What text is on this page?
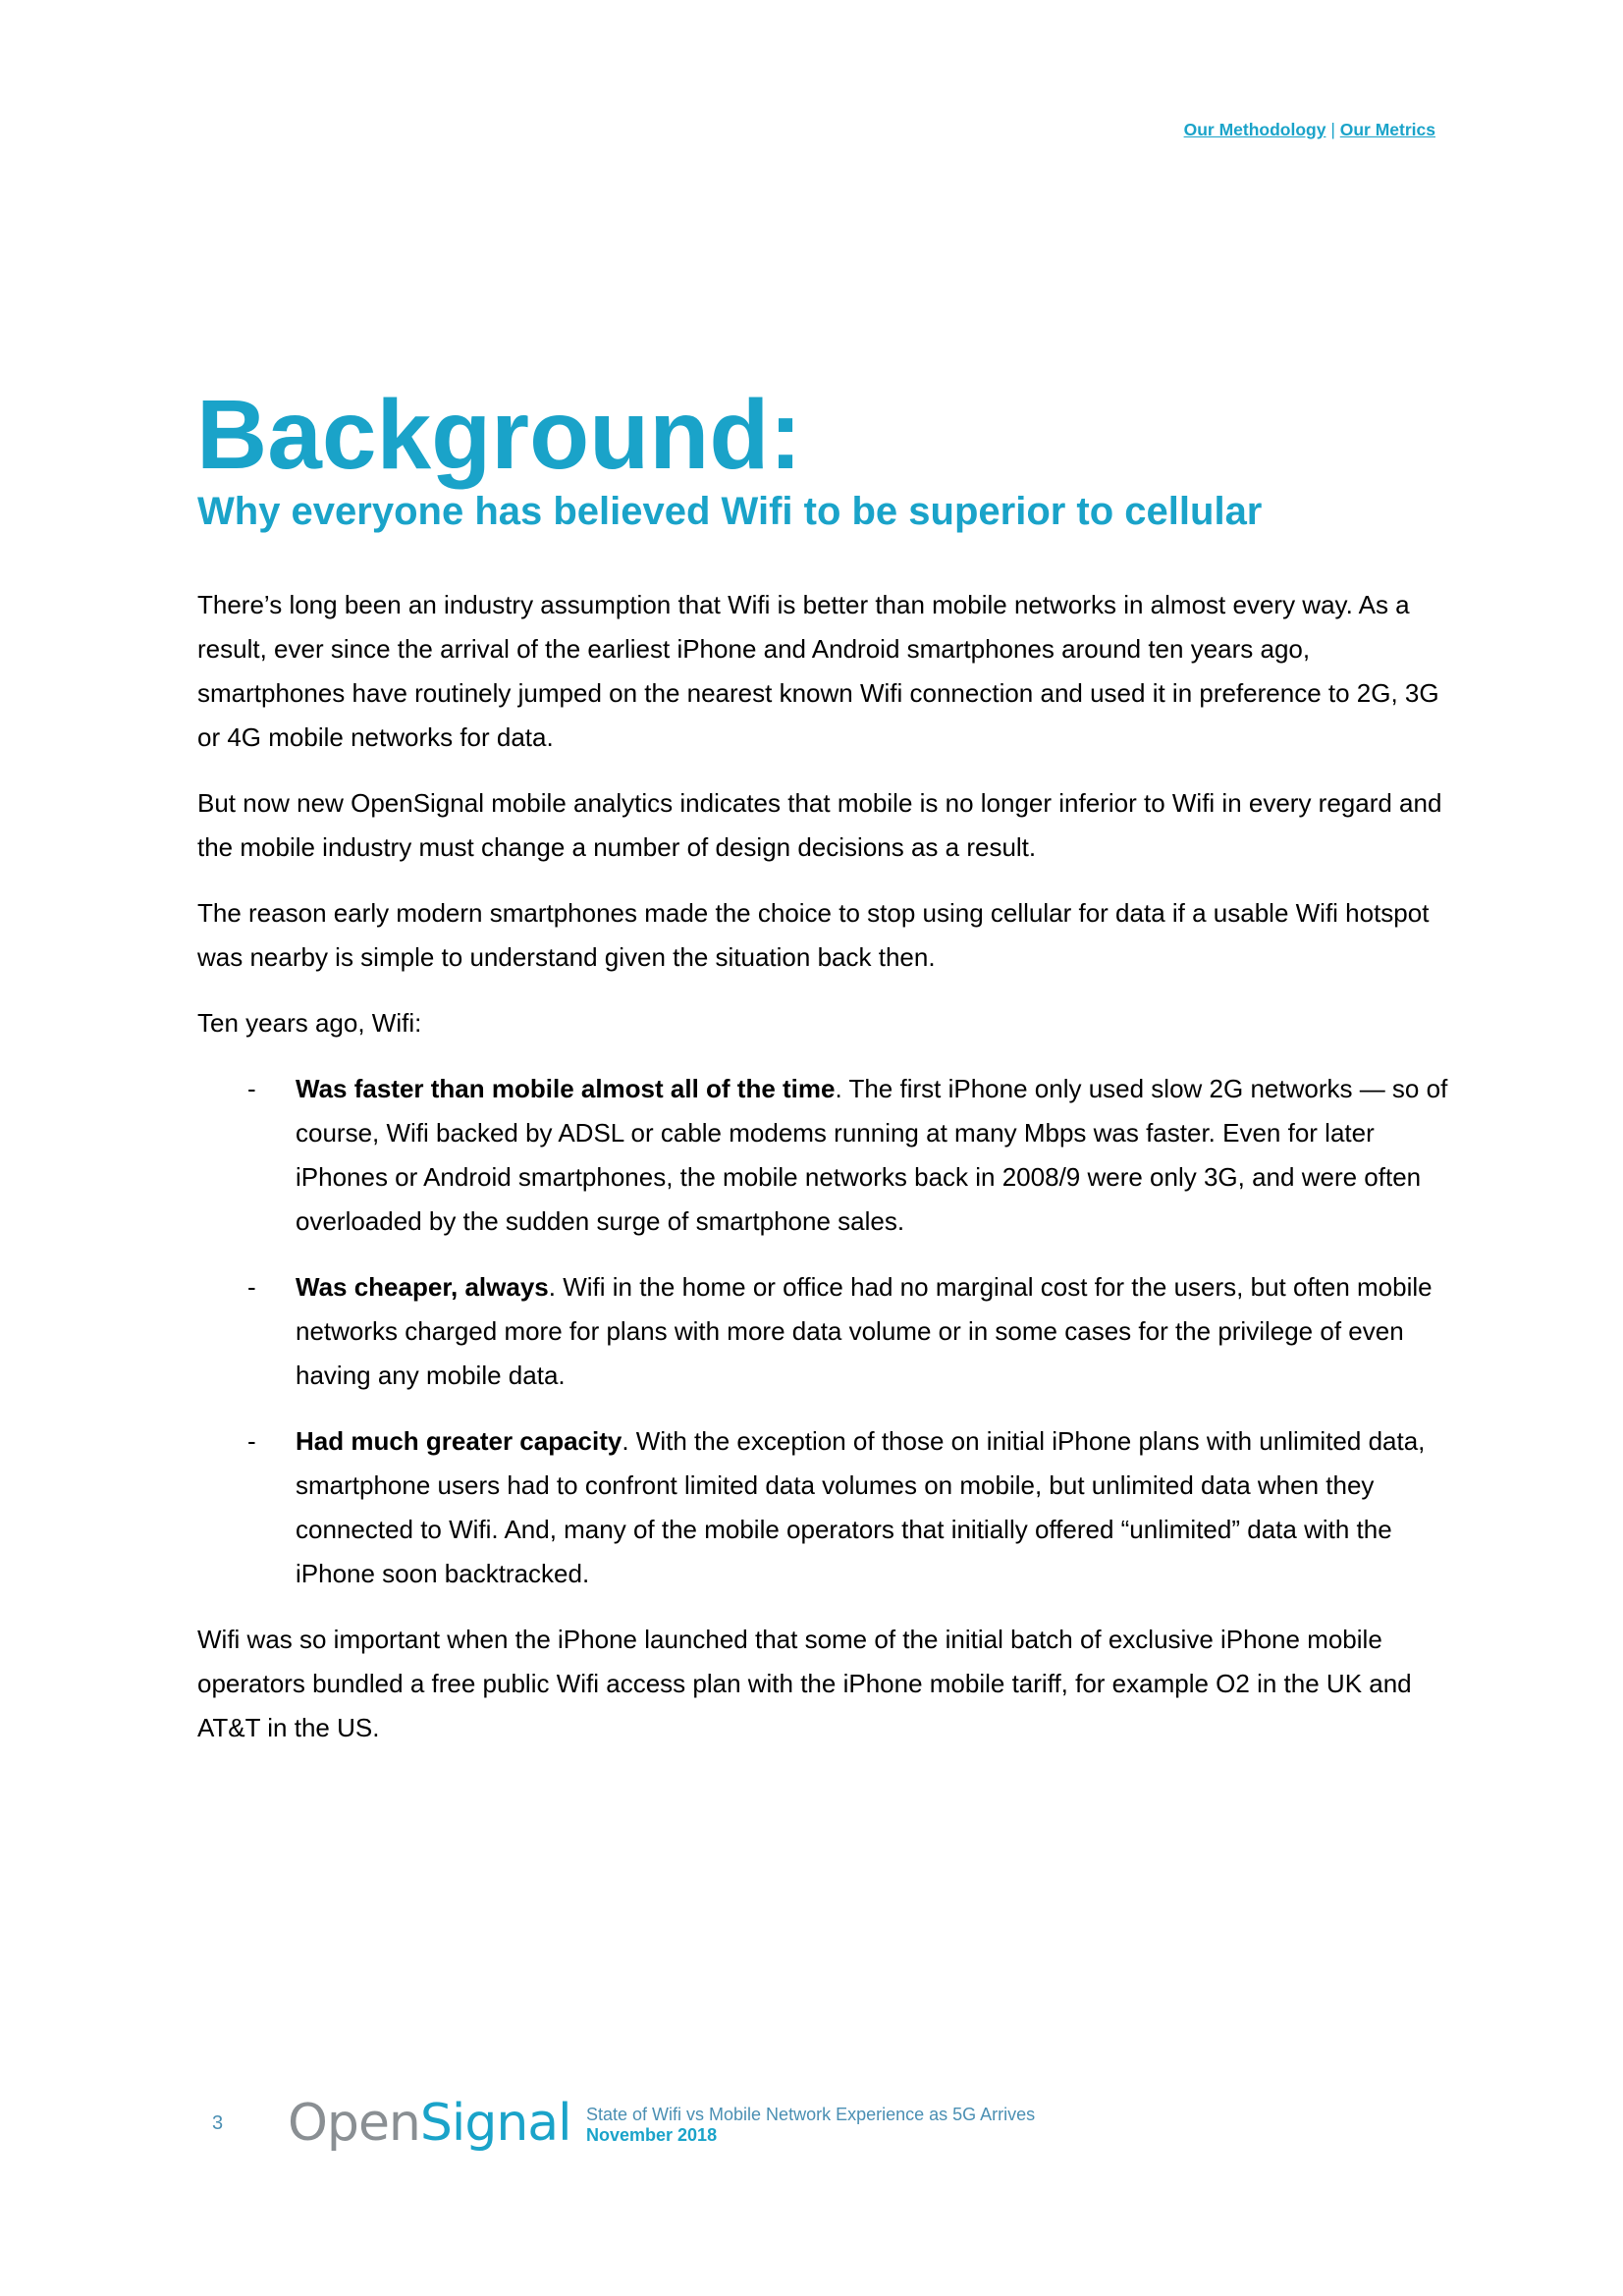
Our Methodology | Our Metrics
Background:
Why everyone has believed Wifi to be superior to cellular

There’s long been an industry assumption that Wifi is better than mobile networks in almost every way. As a result, ever since the arrival of the earliest iPhone and Android smartphones around ten years ago, smartphones have routinely jumped on the nearest known Wifi connection and used it in preference to 2G, 3G or 4G mobile networks for data.

But now new OpenSignal mobile analytics indicates that mobile is no longer inferior to Wifi in every regard and the mobile industry must change a number of design decisions as a result.

The reason early modern smartphones made the choice to stop using cellular for data if a usable Wifi hotspot was nearby is simple to understand given the situation back then.

Ten years ago, Wifi:

- Was faster than mobile almost all of the time. The first iPhone only used slow 2G networks — so of course, Wifi backed by ADSL or cable modems running at many Mbps was faster. Even for later iPhones or Android smartphones, the mobile networks back in 2008/9 were only 3G, and were often overloaded by the sudden surge of smartphone sales.
- Was cheaper, always. Wifi in the home or office had no marginal cost for the users, but often mobile networks charged more for plans with more data volume or in some cases for the privilege of even having any mobile data.
- Had much greater capacity. With the exception of those on initial iPhone plans with unlimited data, smartphone users had to confront limited data volumes on mobile, but unlimited data when they connected to Wifi. And, many of the mobile operators that initially offered “unlimited” data with the iPhone soon backtracked.

Wifi was so important when the iPhone launched that some of the initial batch of exclusive iPhone mobile operators bundled a free public Wifi access plan with the iPhone mobile tariff, for example O2 in the UK and AT&T in the US.

3 OpenSignal State of Wifi vs Mobile Network Experience as 5G Arrives
November 2018
